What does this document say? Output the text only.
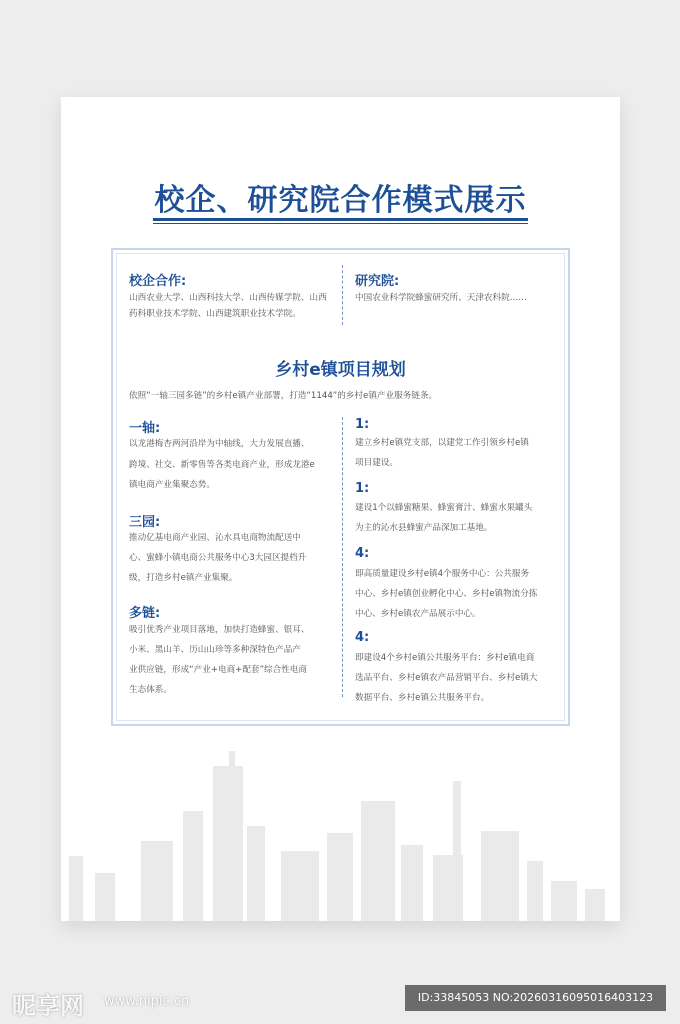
校企、研究院合作模式展示
校企合作:

山西农业大学、山西科技大学、山西传媒学院、山西

药科职业技术学院、山西建筑职业技术学院。

研究院:

中国农业科学院蜂蜜研究所、天津农科院……

乡村e镇项目规划

依照“一轴三园多链”的乡村e镇产业部署，打造“1144”的乡村e镇产业服务链条。

一轴:

以龙港梅杏两河沿岸为中轴线，大力发展直播、

跨境、社交、新零售等各类电商产业，形成龙港e

镇电商产业集聚态势。

三园:

推动亿基电商产业园、沁水具电商物流配送中

心、蜜蜂小镇电商公共服务中心3大园区提档升

级，打造乡村e镇产业集聚。

多链:

吸引优秀产业项目落地，加快打造蜂蜜、银耳、

小米、黑山羊、历山山珍等多种深特色产品产

业供应链，形成“产业+电商+配套”综合性电商

生态体系。

1:

建立乡村e镇党支部，以建党工作引领乡村e镇

项目建设。

1:

建设1个以蜂蜜糖果、蜂蜜膏汁、蜂蜜水果罐头

为主的沁水县蜂蜜产品深加工基地。

4:

即高质量建设乡村e镇4个服务中心：公共服务

中心、乡村e镇创业孵化中心、乡村e镇物流分拣

中心、乡村e镇农产品展示中心。

4:

即建设4个乡村e镇公共服务平台：乡村e镇电商

选品平台、乡村e镇农产品营销平台、乡村e镇大

数据平台、乡村e镇公共服务平台。

昵享网 www.nipic.cn	ID:33845053 NO:20260316095016403123
